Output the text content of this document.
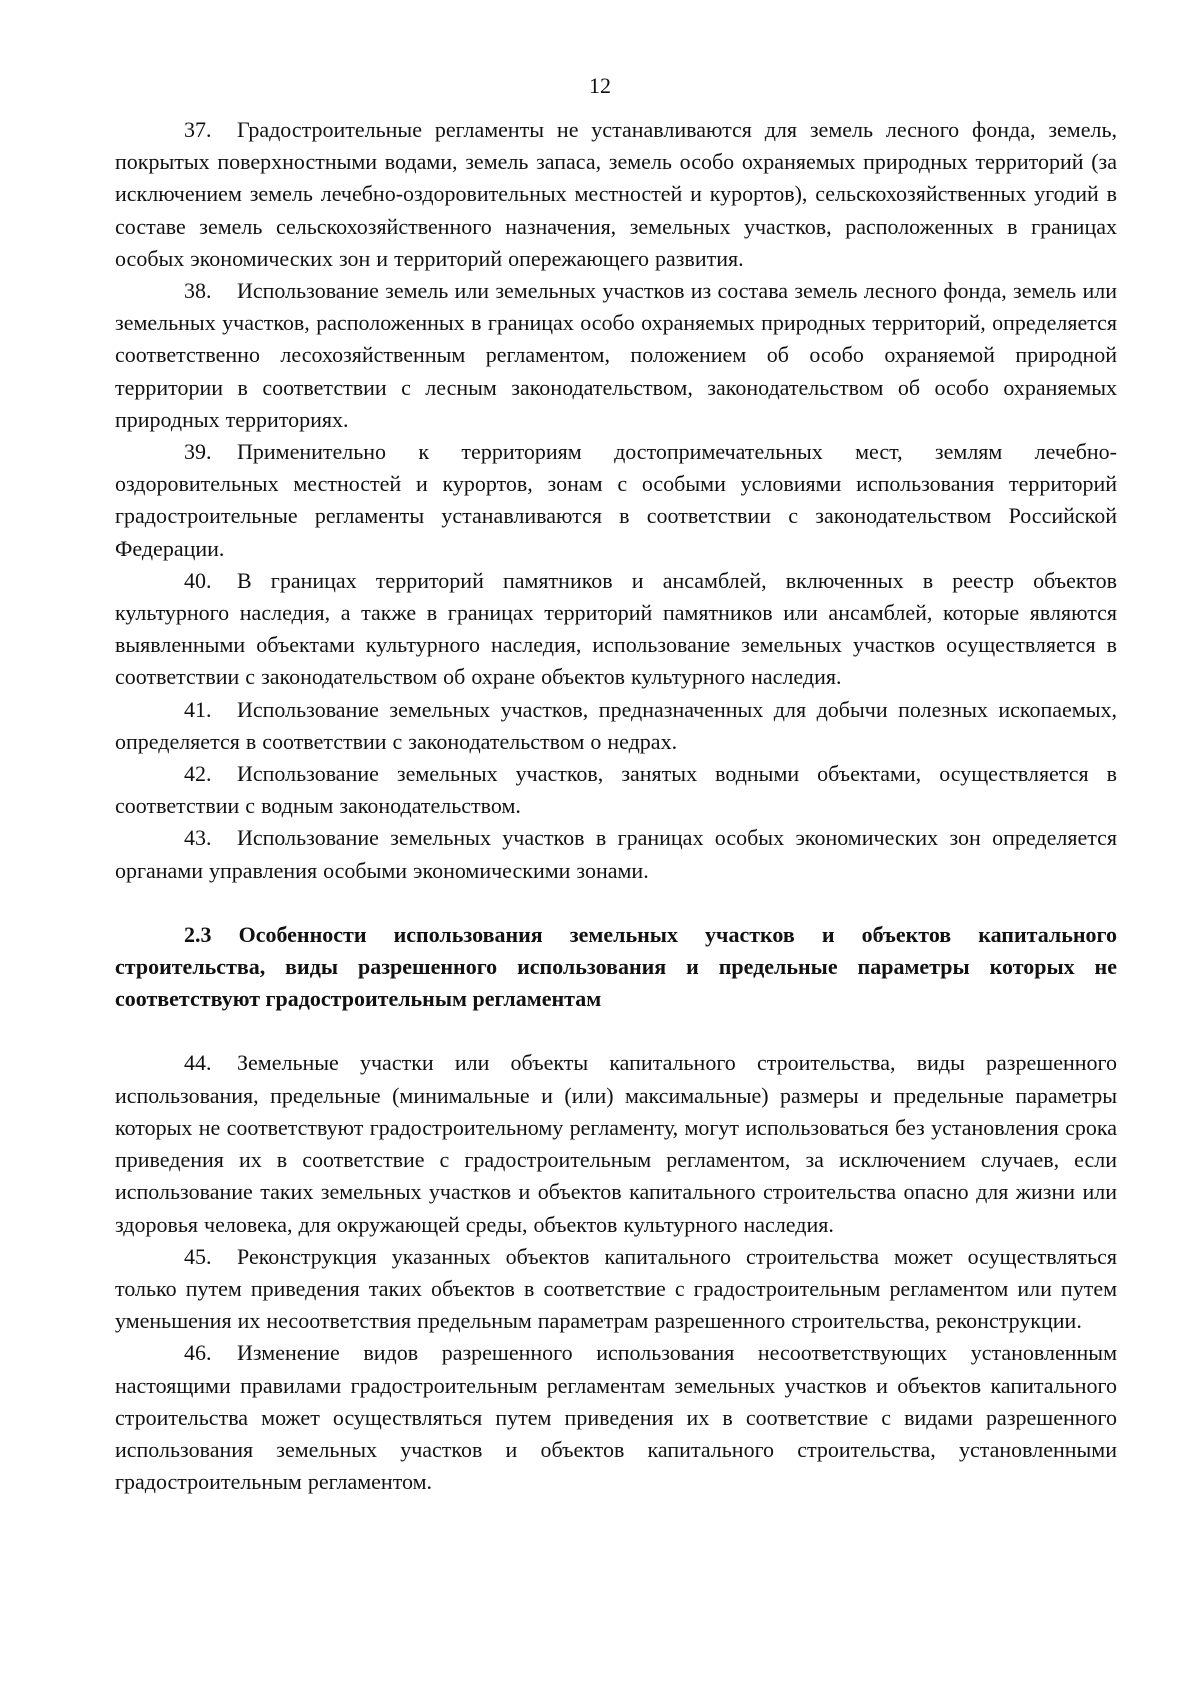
12

37. Градостроительные регламенты не устанавливаются для земель лесного фонда, земель, покрытых поверхностными водами, земель запаса, земель особо охраняемых природных территорий (за исключением земель лечебно-оздоровительных местностей и курортов), сельскохозяйственных угодий в составе земель сельскохозяйственного назначения, земельных участков, расположенных в границах особых экономических зон и территорий опережающего развития.

38. Использование земель или земельных участков из состава земель лесного фонда, земель или земельных участков, расположенных в границах особо охраняемых природных территорий, определяется соответственно лесохозяйственным регламентом, положением об особо охраняемой природной территории в соответствии с лесным законодательством, законодательством об особо охраняемых природных территориях.

39. Применительно к территориям достопримечательных мест, землям лечебно-оздоровительных местностей и курортов, зонам с особыми условиями использования территорий градостроительные регламенты устанавливаются в соответствии с законодательством Российской Федерации.

40. В границах территорий памятников и ансамблей, включенных в реестр объектов культурного наследия, а также в границах территорий памятников или ансамблей, которые являются выявленными объектами культурного наследия, использование земельных участков осуществляется в соответствии с законодательством об охране объектов культурного наследия.

41. Использование земельных участков, предназначенных для добычи полезных ископаемых, определяется в соответствии с законодательством о недрах.

42. Использование земельных участков, занятых водными объектами, осуществляется в соответствии с водным законодательством.

43. Использование земельных участков в границах особых экономических зон определяется органами управления особыми экономическими зонами.

2.3 Особенности использования земельных участков и объектов капитального строительства, виды разрешенного использования и предельные параметры которых не соответствуют градостроительным регламентам

44. Земельные участки или объекты капитального строительства, виды разрешенного использования, предельные (минимальные и (или) максимальные) размеры и предельные параметры которых не соответствуют градостроительному регламенту, могут использоваться без установления срока приведения их в соответствие с градостроительным регламентом, за исключением случаев, если использование таких земельных участков и объектов капитального строительства опасно для жизни или здоровья человека, для окружающей среды, объектов культурного наследия.

45. Реконструкция указанных объектов капитального строительства может осуществляться только путем приведения таких объектов в соответствие с градостроительным регламентом или путем уменьшения их несоответствия предельным параметрам разрешенного строительства, реконструкции.

46. Изменение видов разрешенного использования несоответствующих установленным настоящими правилами градостроительным регламентам земельных участков и объектов капитального строительства может осуществляться путем приведения их в соответствие с видами разрешенного использования земельных участков и объектов капитального строительства, установленными градостроительным регламентом.
